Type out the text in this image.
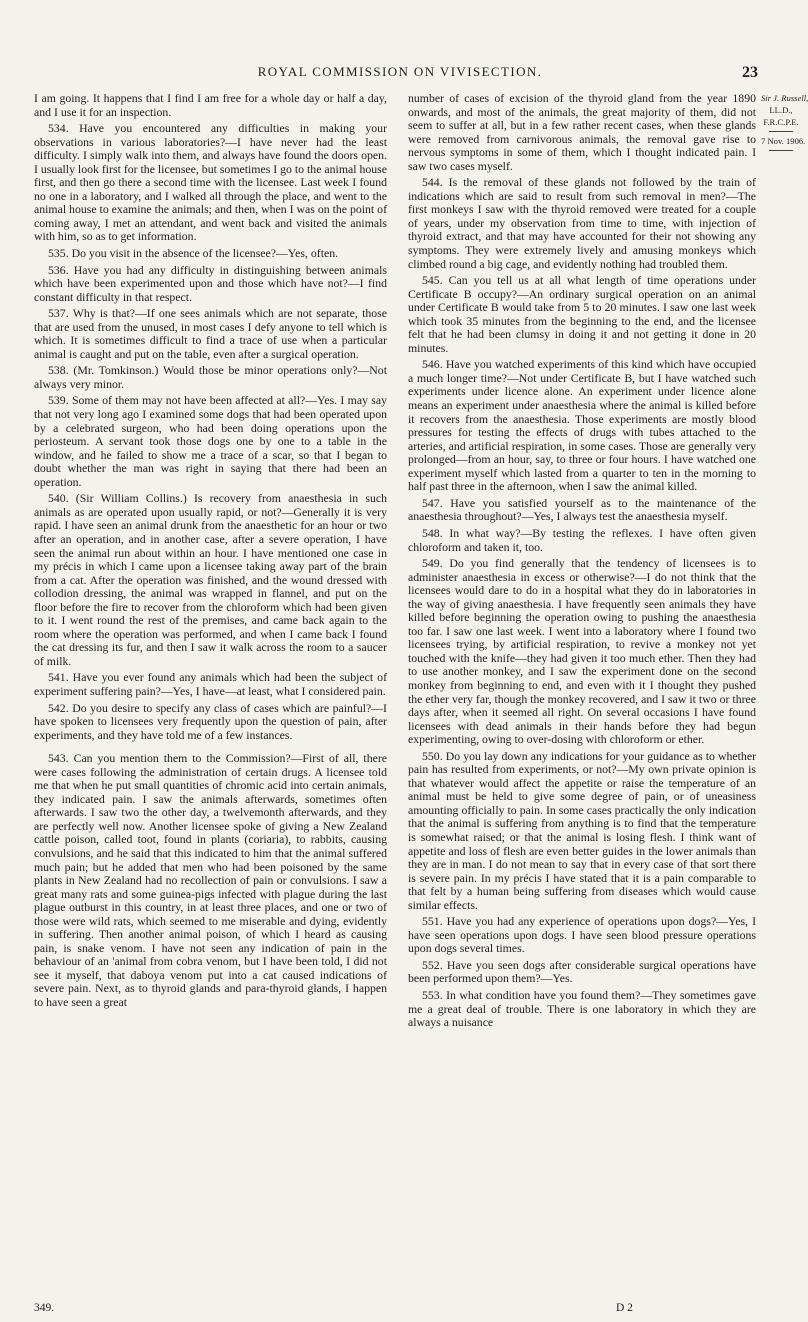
ROYAL COMMISSION ON VIVISECTION.	23

I am going. It happens that I find I am free for a whole day or half a day, and I use it for an inspection.

534. Have you encountered any difficulties in making your observations in various laboratories?—I have never had the least difficulty. I simply walk into them, and always have found the doors open. I usually look first for the licensee, but sometimes I go to the animal house first, and then go there a second time with the licensee. Last week I found no one in a laboratory, and I walked all through the place, and went to the animal house to examine the animals; and then, when I was on the point of coming away, I met an attendant, and went back and visited the animals with him, so as to get information.

535. Do you visit in the absence of the licensee?—Yes, often.

536. Have you had any difficulty in distinguishing between animals which have been experimented upon and those which have not?—I find constant difficulty in that respect.

537. Why is that?—If one sees animals which are not separate, those that are used from the unused, in most cases I defy anyone to tell which is which. It is sometimes difficult to find a trace of use when a particular animal is caught and put on the table, even after a surgical operation.

538. (Mr. Tomkinson.) Would those be minor operations only?—Not always very minor.

539. Some of them may not have been affected at all?—Yes. I may say that not very long ago I examined some dogs that had been operated upon by a celebrated surgeon, who had been doing operations upon the periosteum. A servant took those dogs one by one to a table in the window, and he failed to show me a trace of a scar, so that I began to doubt whether the man was right in saying that there had been an operation.

540. (Sir William Collins.) Is recovery from anaesthesia in such animals as are operated upon usually rapid, or not?—Generally it is very rapid. I have seen an animal drunk from the anaesthetic for an hour or two after an operation, and in another case, after a severe operation, I have seen the animal run about within an hour. I have mentioned one case in my précis in which I came upon a licensee taking away part of the brain from a cat. After the operation was finished, and the wound dressed with collodion dressing, the animal was wrapped in flannel, and put on the floor before the fire to recover from the chloroform which had been given to it. I went round the rest of the premises, and came back again to the room where the operation was performed, and when I came back I found the cat dressing its fur, and then I saw it walk across the room to a saucer of milk.

541. Have you ever found any animals which had been the subject of experiment suffering pain?—Yes, I have—at least, what I considered pain.

542. Do you desire to specify any class of cases which are painful?—I have spoken to licensees very frequently upon the question of pain, after experiments, and they have told me of a few instances.

543. Can you mention them to the Commission?—First of all, there were cases following the administration of certain drugs. A licensee told me that when he put small quantities of chromic acid into certain animals, they indicated pain. I saw the animals afterwards, sometimes often afterwards. I saw two the other day, a twelvemonth afterwards, and they are perfectly well now. Another licensee spoke of giving a New Zealand cattle poison, called toot, found in plants (coriaria), to rabbits, causing convulsions, and he said that this indicated to him that the animal suffered much pain; but he added that men who had been poisoned by the same plants in New Zealand had no recollection of pain or convulsions. I saw a great many rats and some guinea-pigs infected with plague during the last plague outburst in this country, in at least three places, and one or two of those were wild rats, which seemed to me miserable and dying, evidently in suffering. Then another animal poison, of which I heard as causing pain, is snake venom. I have not seen any indication of pain in the behaviour of an 'animal from cobra venom, but I have been told, I did not see it myself, that daboya venom put into a cat caused indications of severe pain. Next, as to thyroid glands and para-thyroid glands, I happen to have seen a great

number of cases of excision of the thyroid gland from the year 1890 onwards, and most of the animals, the great majority of them, did not seem to suffer at all, but in a few rather recent cases, when these glands were removed from carnivorous animals, the removal gave rise to nervous symptoms in some of them, which I thought indicated pain. I saw two cases myself.

544. Is the removal of these glands not followed by the train of indications which are said to result from such removal in men?—The first monkeys I saw with the thyroid removed were treated for a couple of years, under my observation from time to time, with injection of thyroid extract, and that may have accounted for their not showing any symptoms. They were extremely lively and amusing monkeys which climbed round a big cage, and evidently nothing had troubled them.

545. Can you tell us at all what length of time operations under Certificate B occupy?—An ordinary surgical operation on an animal under Certificate B would take from 5 to 20 minutes. I saw one last week which took 35 minutes from the beginning to the end, and the licensee felt that he had been clumsy in doing it and not getting it done in 20 minutes.

546. Have you watched experiments of this kind which have occupied a much longer time?—Not under Certificate B, but I have watched such experiments under licence alone. An experiment under licence alone means an experiment under anaesthesia where the animal is killed before it recovers from the anaesthesia. Those experiments are mostly blood pressures for testing the effects of drugs with tubes attached to the arteries, and artificial respiration, in some cases. Those are generally very prolonged—from an hour, say, to three or four hours. I have watched one experiment myself which lasted from a quarter to ten in the morning to half past three in the afternoon, when I saw the animal killed.

547. Have you satisfied yourself as to the maintenance of the anaesthesia throughout?—Yes, I always test the anaesthesia myself.

548. In what way?—By testing the reflexes. I have often given chloroform and taken it, too.

549. Do you find generally that the tendency of licensees is to administer anaesthesia in excess or otherwise?—I do not think that the licensees would dare to do in a hospital what they do in laboratories in the way of giving anaesthesia. I have frequently seen animals they have killed before beginning the operation owing to pushing the anaesthesia too far. I saw one last week. I went into a laboratory where I found two licensees trying, by artificial respiration, to revive a monkey not yet touched with the knife—they had given it too much ether. Then they had to use another monkey, and I saw the experiment done on the second monkey from beginning to end, and even with it I thought they pushed the ether very far, though the monkey recovered, and I saw it two or three days after, when it seemed all right. On several occasions I have found licensees with dead animals in their hands before they had begun experimenting, owing to over-dosing with chloroform or ether.

550. Do you lay down any indications for your guidance as to whether pain has resulted from experiments, or not?—My own private opinion is that whatever would affect the appetite or raise the temperature of an animal must be held to give some degree of pain, or of uneasiness amounting officially to pain. In some cases practically the only indication that the animal is suffering from anything is to find that the temperature is somewhat raised; or that the animal is losing flesh. I think want of appetite and loss of flesh are even better guides in the lower animals than they are in man. I do not mean to say that in every case of that sort there is severe pain. In my précis I have stated that it is a pain comparable to that felt by a human being suffering from diseases which would cause similar effects.

551. Have you had any experience of operations upon dogs?—Yes, I have seen operations upon dogs. I have seen blood pressure operations upon dogs several times.

552. Have you seen dogs after considerable surgical operations have been performed upon them?—Yes.

553. In what condition have you found them?—They sometimes gave me a great deal of trouble. There is one laboratory in which they are always a nuisance

Sir J. Russell,
LL.D.,
F.R.C.P.E.
7 Nov. 1906.
349.	D 2
